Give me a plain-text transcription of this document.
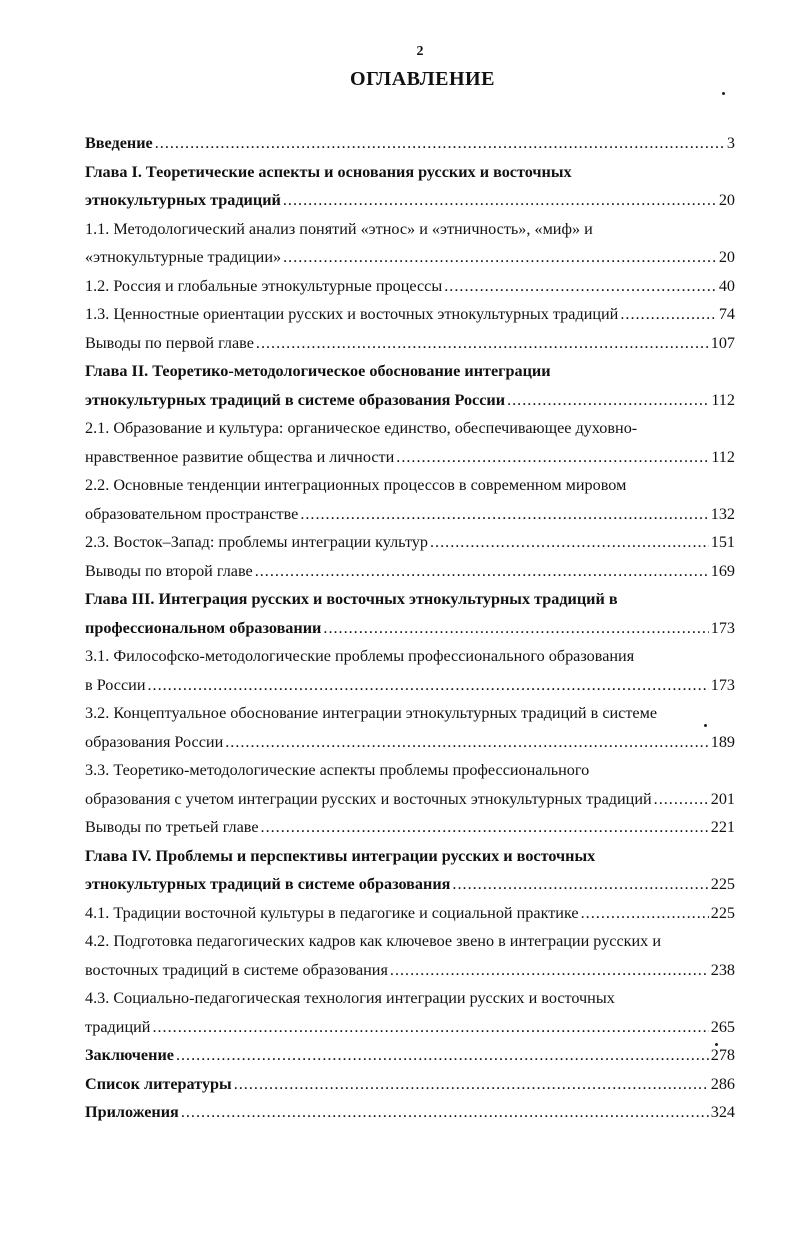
2
ОГЛАВЛЕНИЕ
Введение .....	3
Глава I. Теоретические аспекты и основания русских и восточных
этнокультурных традиций .....	20
1.1. Методологический анализ понятий «этнос» и «этничность», «миф» и
«этнокультурные традиции» .....	20
1.2. Россия и глобальные этнокультурные процессы .....	40
1.3. Ценностные ориентации русских и восточных этнокультурных традиций .....	74
Выводы по первой главе .....	107
Глава II. Теоретико-методологическое обоснование интеграции
этнокультурных традиций в системе образования России .....	112
2.1. Образование и культура: органическое единство, обеспечивающее духовно-
нравственное развитие общества и личности .....	112
2.2. Основные тенденции интеграционных процессов в современном мировом
образовательном пространстве .....	132
2.3. Восток–Запад: проблемы интеграции культур .....	151
Выводы по второй главе .....	169
Глава III. Интеграция русских и восточных этнокультурных традиций в
профессиональном образовании .....	173
3.1. Философско-методологические проблемы профессионального образования
в России .....	173
3.2. Концептуальное обоснование интеграции этнокультурных традиций в системе
образования России .....	189
3.3. Теоретико-методологические аспекты проблемы профессионального
образования с учетом интеграции русских и восточных этнокультурных традиций .....	201
Выводы по третьей главе .....	221
Глава IV. Проблемы и перспективы интеграции русских и восточных
этнокультурных традиций в системе образования .....	225
4.1. Традиции восточной культуры в педагогике и социальной практике .....	225
4.2. Подготовка педагогических кадров как ключевое звено в интеграции русских и
восточных традиций в системе образования .....	238
4.3. Социально-педагогическая технология интеграции русских и восточных
традиций .....	265
Заключение .....	278
Список литературы .....	286
Приложения .....	324
